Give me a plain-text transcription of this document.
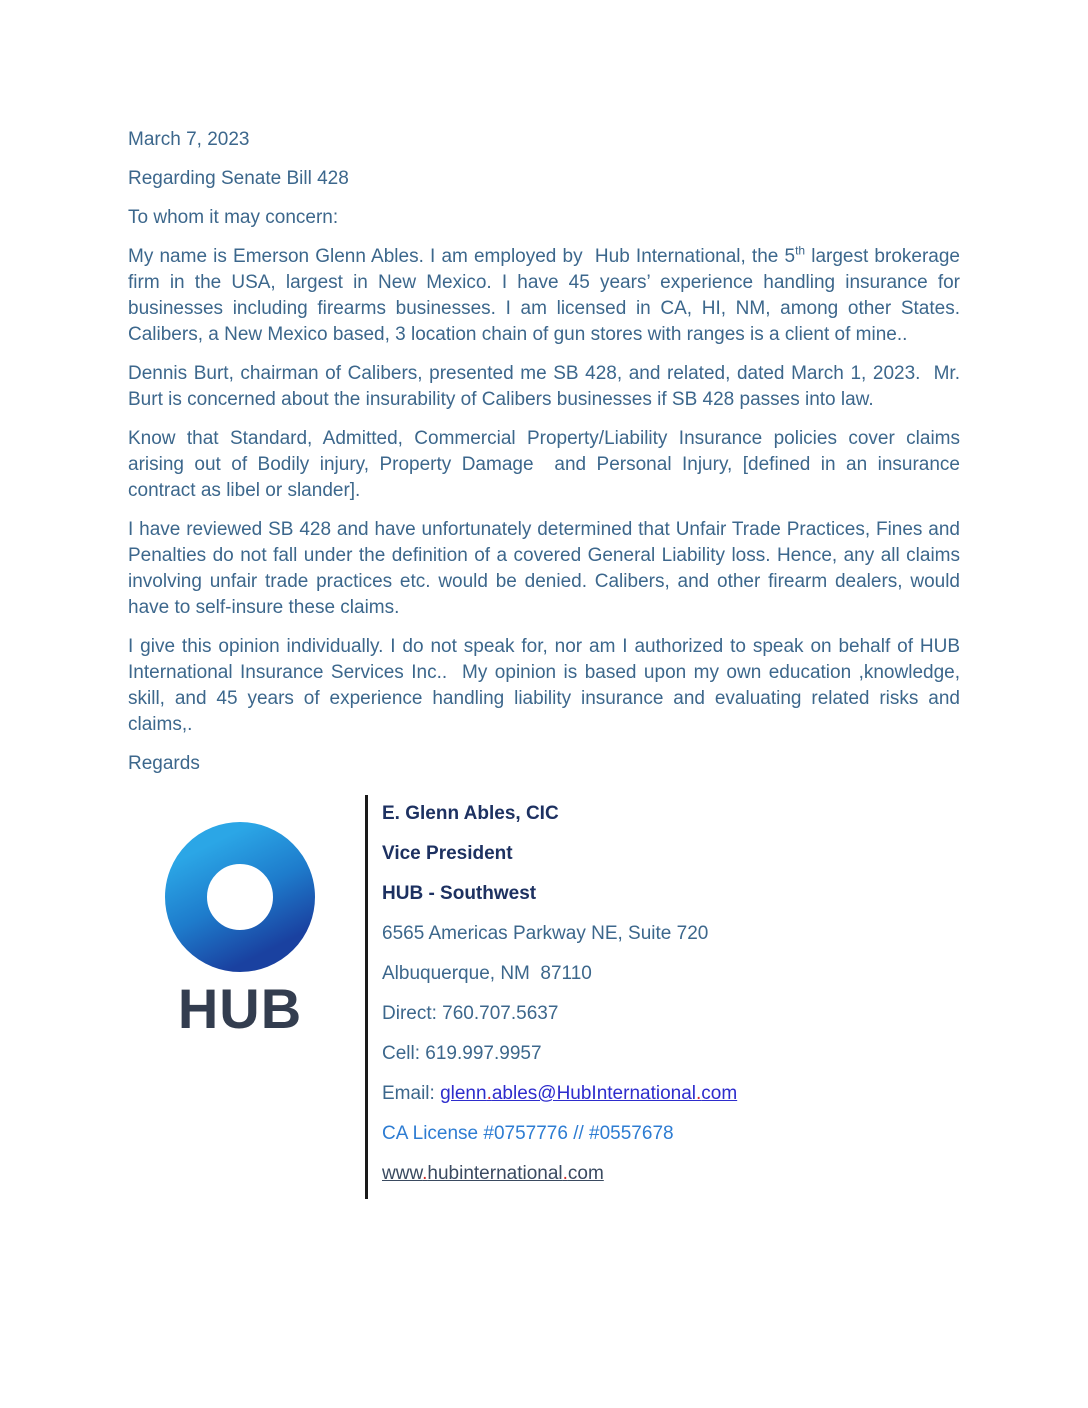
March 7, 2023

Regarding Senate Bill 428

To whom it may concern:

My name is Emerson Glenn Ables. I am employed by  Hub International, the 5th largest brokerage firm in the USA, largest in New Mexico. I have 45 years’ experience handling insurance for businesses including firearms businesses. I am licensed in CA, HI, NM, among other States. Calibers, a New Mexico based, 3 location chain of gun stores with ranges is a client of mine..

Dennis Burt, chairman of Calibers, presented me SB 428, and related, dated March 1, 2023.  Mr. Burt is concerned about the insurability of Calibers businesses if SB 428 passes into law.

Know that Standard, Admitted, Commercial Property/Liability Insurance policies cover claims arising out of Bodily injury, Property Damage  and Personal Injury, [defined in an insurance contract as libel or slander].

I have reviewed SB 428 and have unfortunately determined that Unfair Trade Practices, Fines and Penalties do not fall under the definition of a covered General Liability loss. Hence, any all claims involving unfair trade practices etc. would be denied. Calibers, and other firearm dealers, would have to self-insure these claims.

I give this opinion individually. I do not speak for, nor am I authorized to speak on behalf of HUB International Insurance Services Inc..  My opinion is based upon my own education ,knowledge, skill, and 45 years of experience handling liability insurance and evaluating related risks and claims,.

Regards

HUB

E. Glenn Ables, CIC

Vice President

HUB - Southwest

6565 Americas Parkway NE, Suite 720

Albuquerque, NM  87110

Direct: 760.707.5637

Cell: 619.997.9957

Email: glenn.ables@HubInternational.com

CA License #0757776 // #0557678

www.hubinternational.com
